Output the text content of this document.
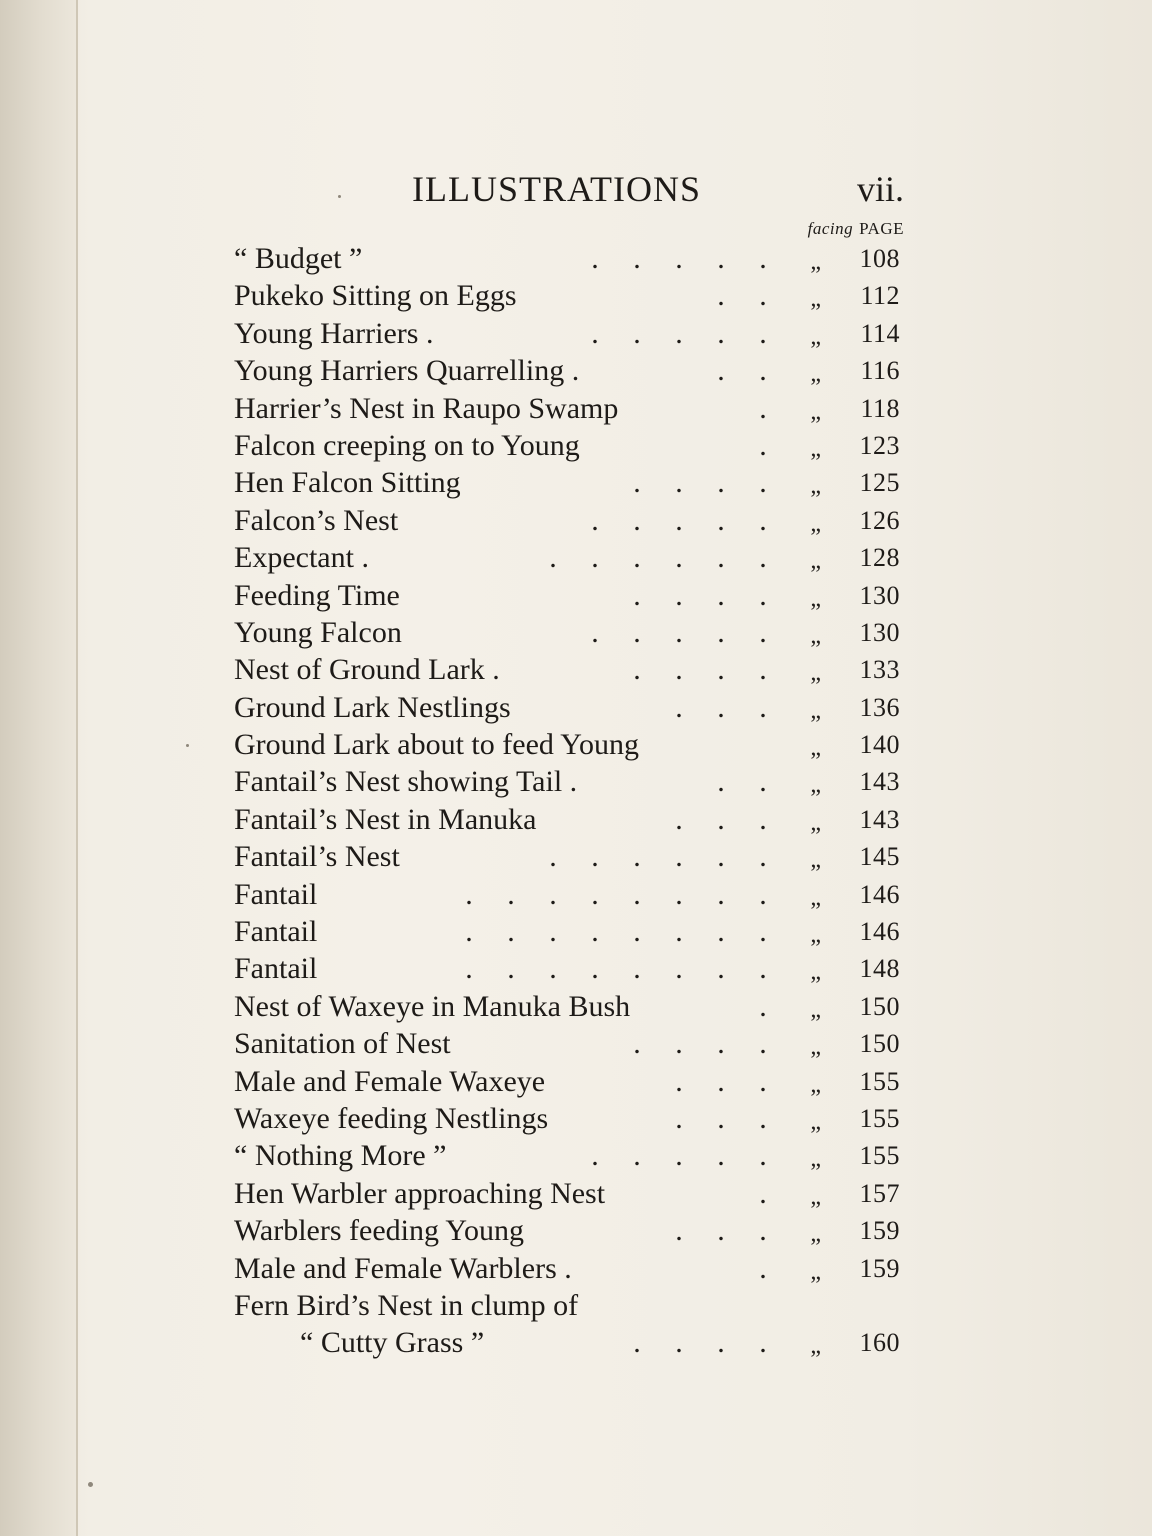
ILLUSTRATIONS	vii.
facing PAGE
“ Budget ”	. . . . .	„	108
Pukeko Sitting on Eggs	. .	„	112
Young Harriers .	. . . . .	„	114
Young Harriers Quarrelling .	. .	„	116
Harrier’s Nest in Raupo Swamp	.	„	118
Falcon creeping on to Young	.	„	123
Hen Falcon Sitting	. . . .	„	125
Falcon’s Nest	. . . . .	„	126
Expectant .	. . . . . .	„	128
Feeding Time	. . . .	„	130
Young Falcon	. . . . .	„	130
Nest of Ground Lark .	. . . .	„	133
Ground Lark Nestlings	. . .	„	136
Ground Lark about to feed Young	„	140
Fantail’s Nest showing Tail .	. .	„	143
Fantail’s Nest in Manuka	. . .	„	143
Fantail’s Nest	. . . . . .	„	145
Fantail	. . . . . . . .	„	146
Fantail	. . . . . . . .	„	146
Fantail	. . . . . . . .	„	148
Nest of Waxeye in Manuka Bush	.	„	150
Sanitation of Nest	. . . .	„	150
Male and Female Waxeye	. . .	„	155
Waxeye feeding Nestlings	. . .	„	155
“ Nothing More ”	. . . . .	„	155
Hen Warbler approaching Nest	.	„	157
Warblers feeding Young	. . .	„	159
Male and Female Warblers .	.	„	159
Fern Bird’s Nest in clump of
“ Cutty Grass ”	. . . .	„	160
